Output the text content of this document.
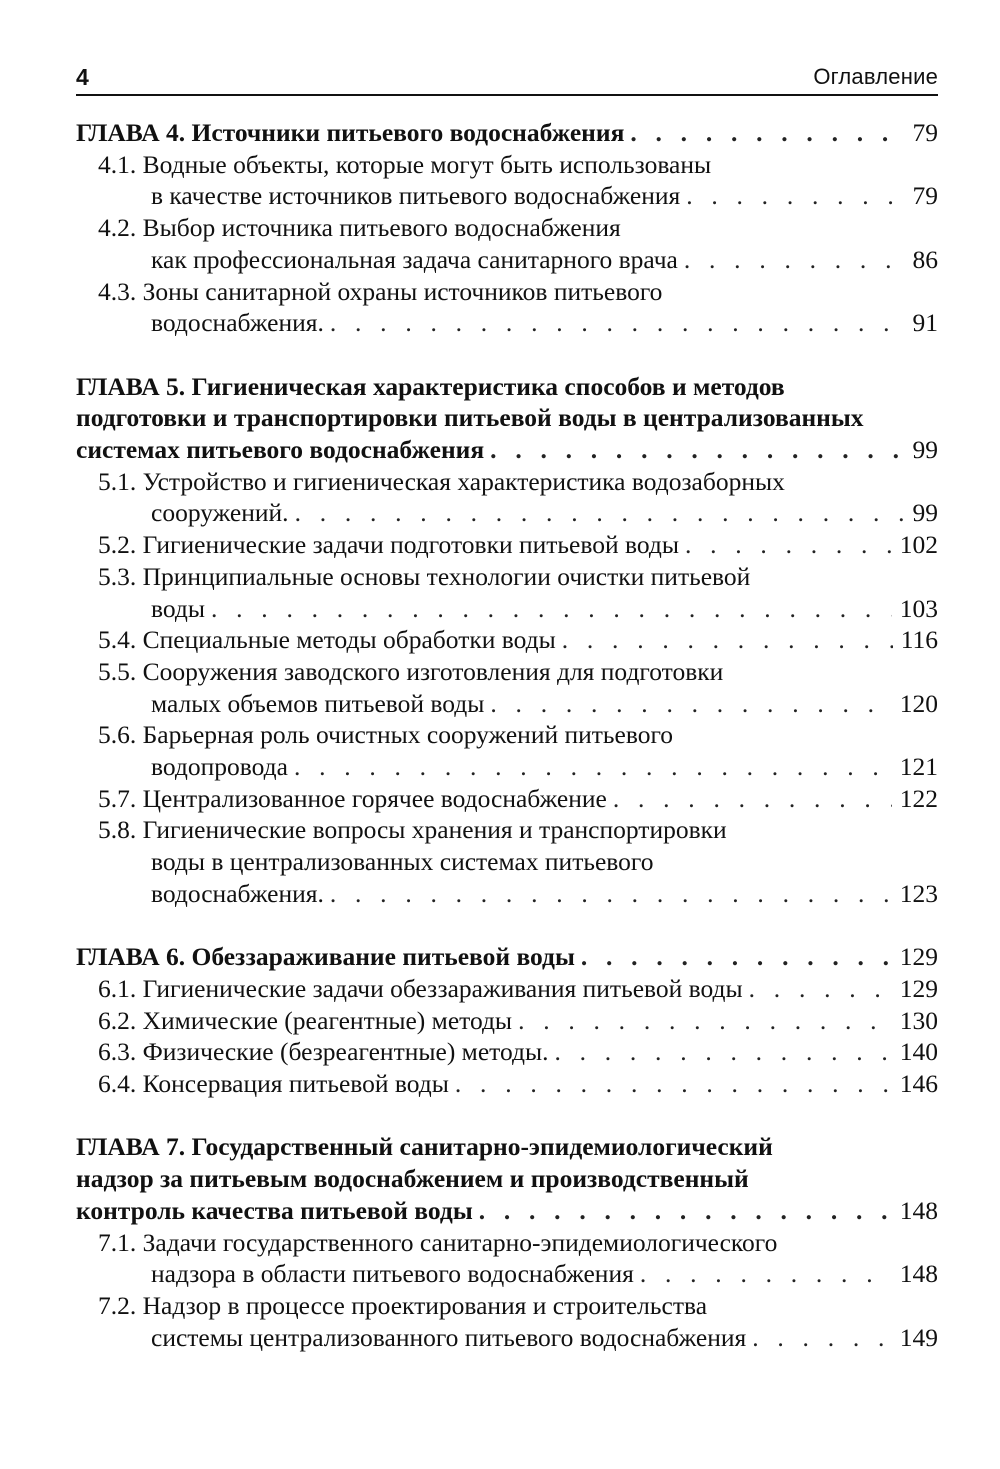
4	Оглавление
ГЛАВА 4. Источники питьевого водоснабжения . . .	79
4.1. Водные объекты, которые могут быть использованы
в качестве источников питьевого водоснабжения . . .	79
4.2. Выбор источника питьевого водоснабжения
как профессиональная задача санитарного врача . . .	86
4.3. Зоны санитарной охраны источников питьевого
водоснабжения. . . .	91
ГЛАВА 5. Гигиеническая характеристика способов и методов
подготовки и транспортировки питьевой воды в централизованных
системах питьевого водоснабжения . . .	99
5.1. Устройство и гигиеническая характеристика водозаборных
сооружений. . . .	99
5.2. Гигиенические задачи подготовки питьевой воды . . .	102
5.3. Принципиальные основы технологии очистки питьевой
воды . . .	103
5.4. Специальные методы обработки воды . . .	116
5.5. Сооружения заводского изготовления для подготовки
малых объемов питьевой воды . . .	120
5.6. Барьерная роль очистных сооружений питьевого
водопровода . . .	121
5.7. Централизованное горячее водоснабжение . . .	122
5.8. Гигиенические вопросы хранения и транспортировки
воды в централизованных системах питьевого
водоснабжения. . . .	123
ГЛАВА 6. Обеззараживание питьевой воды . . .	129
6.1. Гигиенические задачи обеззараживания питьевой воды . . .	129
6.2. Химические (реагентные) методы . . .	130
6.3. Физические (безреагентные) методы. . . .	140
6.4. Консервация питьевой воды . . .	146
ГЛАВА 7. Государственный санитарно-эпидемиологический
надзор за питьевым водоснабжением и производственный
контроль качества питьевой воды . . .	148
7.1. Задачи государственного санитарно-эпидемиологического
надзора в области питьевого водоснабжения . . .	148
7.2. Надзор в процессе проектирования и строительства
системы централизованного питьевого водоснабжения . . .	149
